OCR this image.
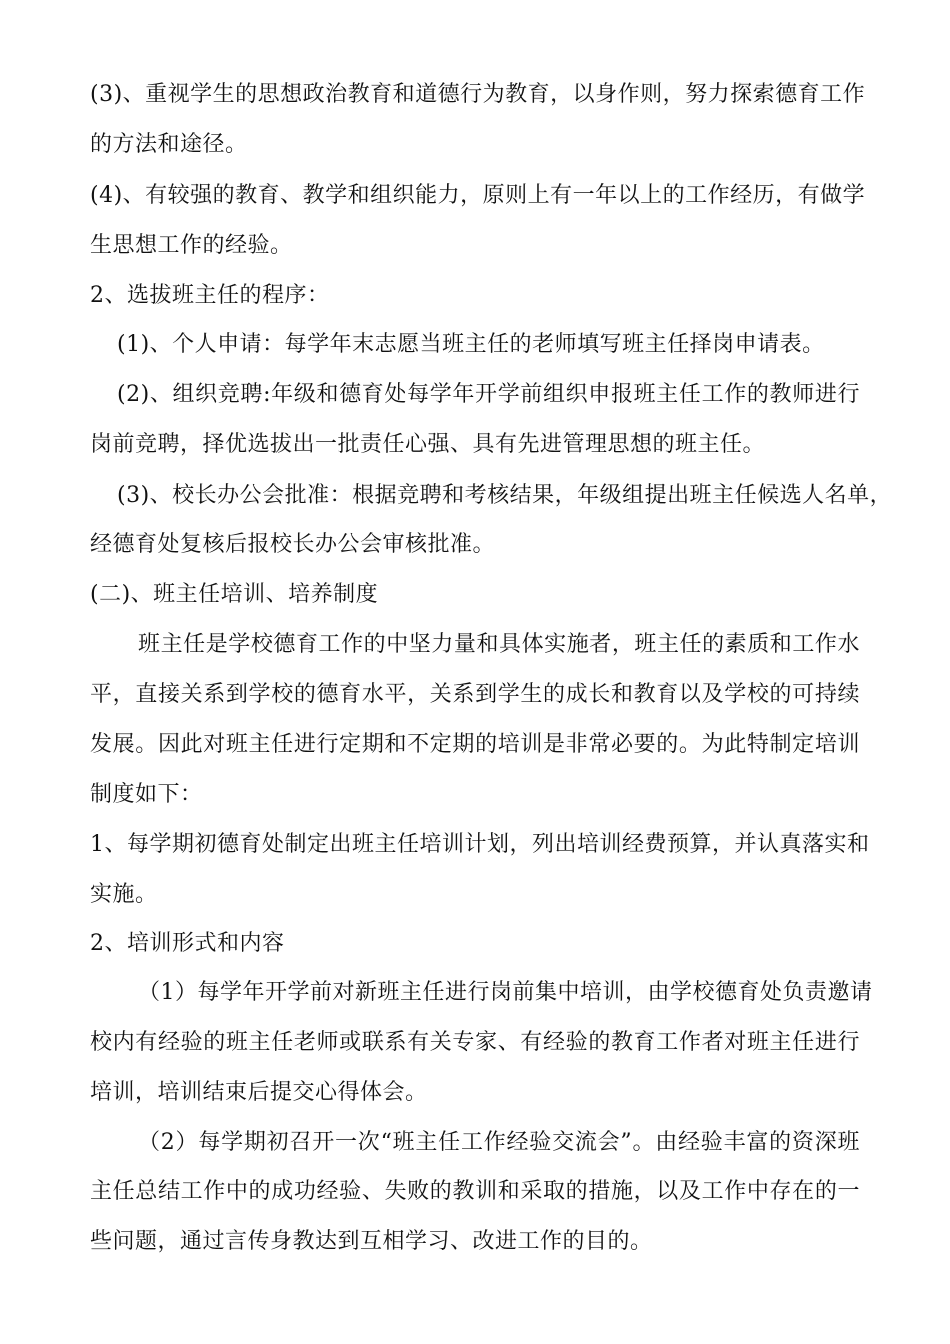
(3)、重视学生的思想政治教育和道德行为教育，以身作则，努力探索德育工作
的方法和途径。
(4)、有较强的教育、教学和组织能力，原则上有一年以上的工作经历，有做学
生思想工作的经验。
2、选拔班主任的程序：
(1)、个人申请：每学年末志愿当班主任的老师填写班主任择岗申请表。
(2)、组织竞聘:年级和德育处每学年开学前组织申报班主任工作的教师进行
岗前竞聘，择优选拔出一批责任心强、具有先进管理思想的班主任。
(3)、校长办公会批准：根据竞聘和考核结果，年级组提出班主任候选人名单，
经德育处复核后报校长办公会审核批准。
(二)、班主任培训、培养制度
班主任是学校德育工作的中坚力量和具体实施者，班主任的素质和工作水
平，直接关系到学校的德育水平，关系到学生的成长和教育以及学校的可持续
发展。因此对班主任进行定期和不定期的培训是非常必要的。为此特制定培训
制度如下：
1、每学期初德育处制定出班主任培训计划，列出培训经费预算，并认真落实和
实施。
2、培训形式和内容
（1）每学年开学前对新班主任进行岗前集中培训，由学校德育处负责邀请
校内有经验的班主任老师或联系有关专家、有经验的教育工作者对班主任进行
培训，培训结束后提交心得体会。
（2）每学期初召开一次“班主任工作经验交流会”。由经验丰富的资深班
主任总结工作中的成功经验、失败的教训和采取的措施，以及工作中存在的一
些问题，通过言传身教达到互相学习、改进工作的目的。
